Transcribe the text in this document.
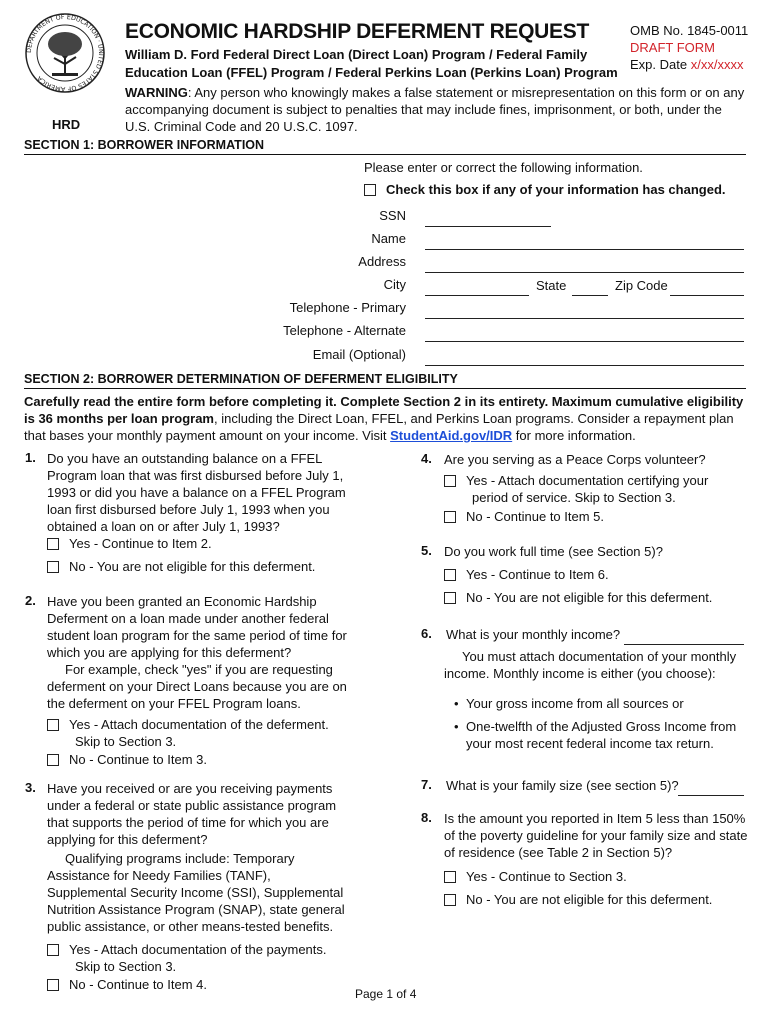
DEPARTMENT OF EDUCATION · UNITED STATES OF AMERICA
HRD
ECONOMIC HARDSHIP DEFERMENT REQUEST
William D. Ford Federal Direct Loan (Direct Loan) Program / Federal Family Education Loan (FFEL) Program / Federal Perkins Loan (Perkins Loan) Program
OMB No. 1845-0011
DRAFT FORM
Exp. Date x/xx/xxxx
WARNING: Any person who knowingly makes a false statement or misrepresentation on this form or on any accompanying document is subject to penalties that may include fines, imprisonment, or both, under the U.S. Criminal Code and 20 U.S.C. 1097.
SECTION 1: BORROWER INFORMATION
Please enter or correct the following information.
Check this box if any of your information has changed.
SSN
Name
Address
City	State	Zip Code
Telephone - Primary
Telephone - Alternate
Email (Optional)
SECTION 2: BORROWER DETERMINATION OF DEFERMENT ELIGIBILITY
Carefully read the entire form before completing it. Complete Section 2 in its entirety. Maximum cumulative eligibility is 36 months per loan program, including the Direct Loan, FFEL, and Perkins Loan programs. Consider a repayment plan that bases your monthly payment amount on your income. Visit StudentAid.gov/IDR for more information.
1. Do you have an outstanding balance on a FFEL Program loan that was first disbursed before July 1, 1993 or did you have a balance on a FFEL Program loan first disbursed before July 1, 1993 when you obtained a loan on or after July 1, 1993?
Yes - Continue to Item 2.
No - You are not eligible for this deferment.
2. Have you been granted an Economic Hardship Deferment on a loan made under another federal student loan program for the same period of time for which you are applying for this deferment?
For example, check "yes" if you are requesting deferment on your Direct Loans because you are on the deferment on your FFEL Program loans.
Yes - Attach documentation of the deferment.
Skip to Section 3.
No - Continue to Item 3.
3. Have you received or are you receiving payments under a federal or state public assistance program that supports the period of time for which you are applying for this deferment?
Qualifying programs include: Temporary Assistance for Needy Families (TANF), Supplemental Security Income (SSI), Supplemental Nutrition Assistance Program (SNAP), state general public assistance, or other means-tested benefits.
Yes - Attach documentation of the payments.
Skip to Section 3.
No - Continue to Item 4.
4. Are you serving as a Peace Corps volunteer?
Yes - Attach documentation certifying your
period of service. Skip to Section 3.
No - Continue to Item 5.
5. Do you work full time (see Section 5)?
Yes - Continue to Item 6.
No - You are not eligible for this deferment.
6. What is your monthly income?
You must attach documentation of your monthly income. Monthly income is either (you choose):
• Your gross income from all sources or
• One-twelfth of the Adjusted Gross Income from your most recent federal income tax return.
7. What is your family size (see section 5)?
8. Is the amount you reported in Item 5 less than 150% of the poverty guideline for your family size and state of residence (see Table 2 in Section 5)?
Yes - Continue to Section 3.
No - You are not eligible for this deferment.
Page 1 of 4
